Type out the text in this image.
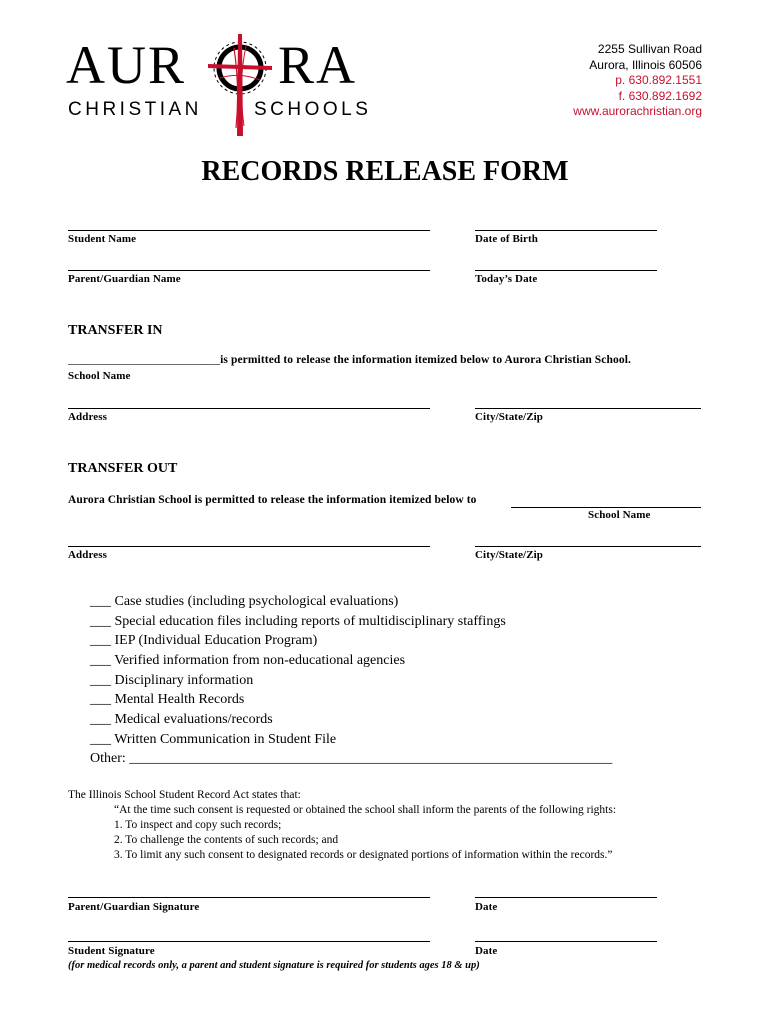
AUR RA
CHRISTIAN	SCHOOLS
2255 Sullivan Road
Aurora, Illinois 60506
p. 630.892.1551
f. 630.892.1692
www.aurorachristian.org
RECORDS RELEASE FORM
Student Name	Date of Birth
Parent/Guardian Name	Today’s Date
TRANSFER IN
__________________________is permitted to release the information itemized below to Aurora Christian School.
School Name
Address	City/State/Zip
TRANSFER OUT
Aurora Christian School is permitted to release the information itemized below to
School Name
Address	City/State/Zip
___ Case studies (including psychological evaluations)
___ Special education files including reports of multidisciplinary staffings
___ IEP (Individual Education Program)
___ Verified information from non-educational agencies
___ Disciplinary information
___ Mental Health Records
___ Medical evaluations/records
___ Written Communication in Student File
Other: _____________________________________________________________________
The Illinois School Student Record Act states that:
“At the time such consent is requested or obtained the school shall inform the parents of the following rights:
1. To inspect and copy such records;
2. To challenge the contents of such records; and
3. To limit any such consent to designated records or designated portions of information within the records.”
Parent/Guardian Signature	Date
Student Signature	Date
(for medical records only, a parent and student signature is required for students ages 18 & up)
